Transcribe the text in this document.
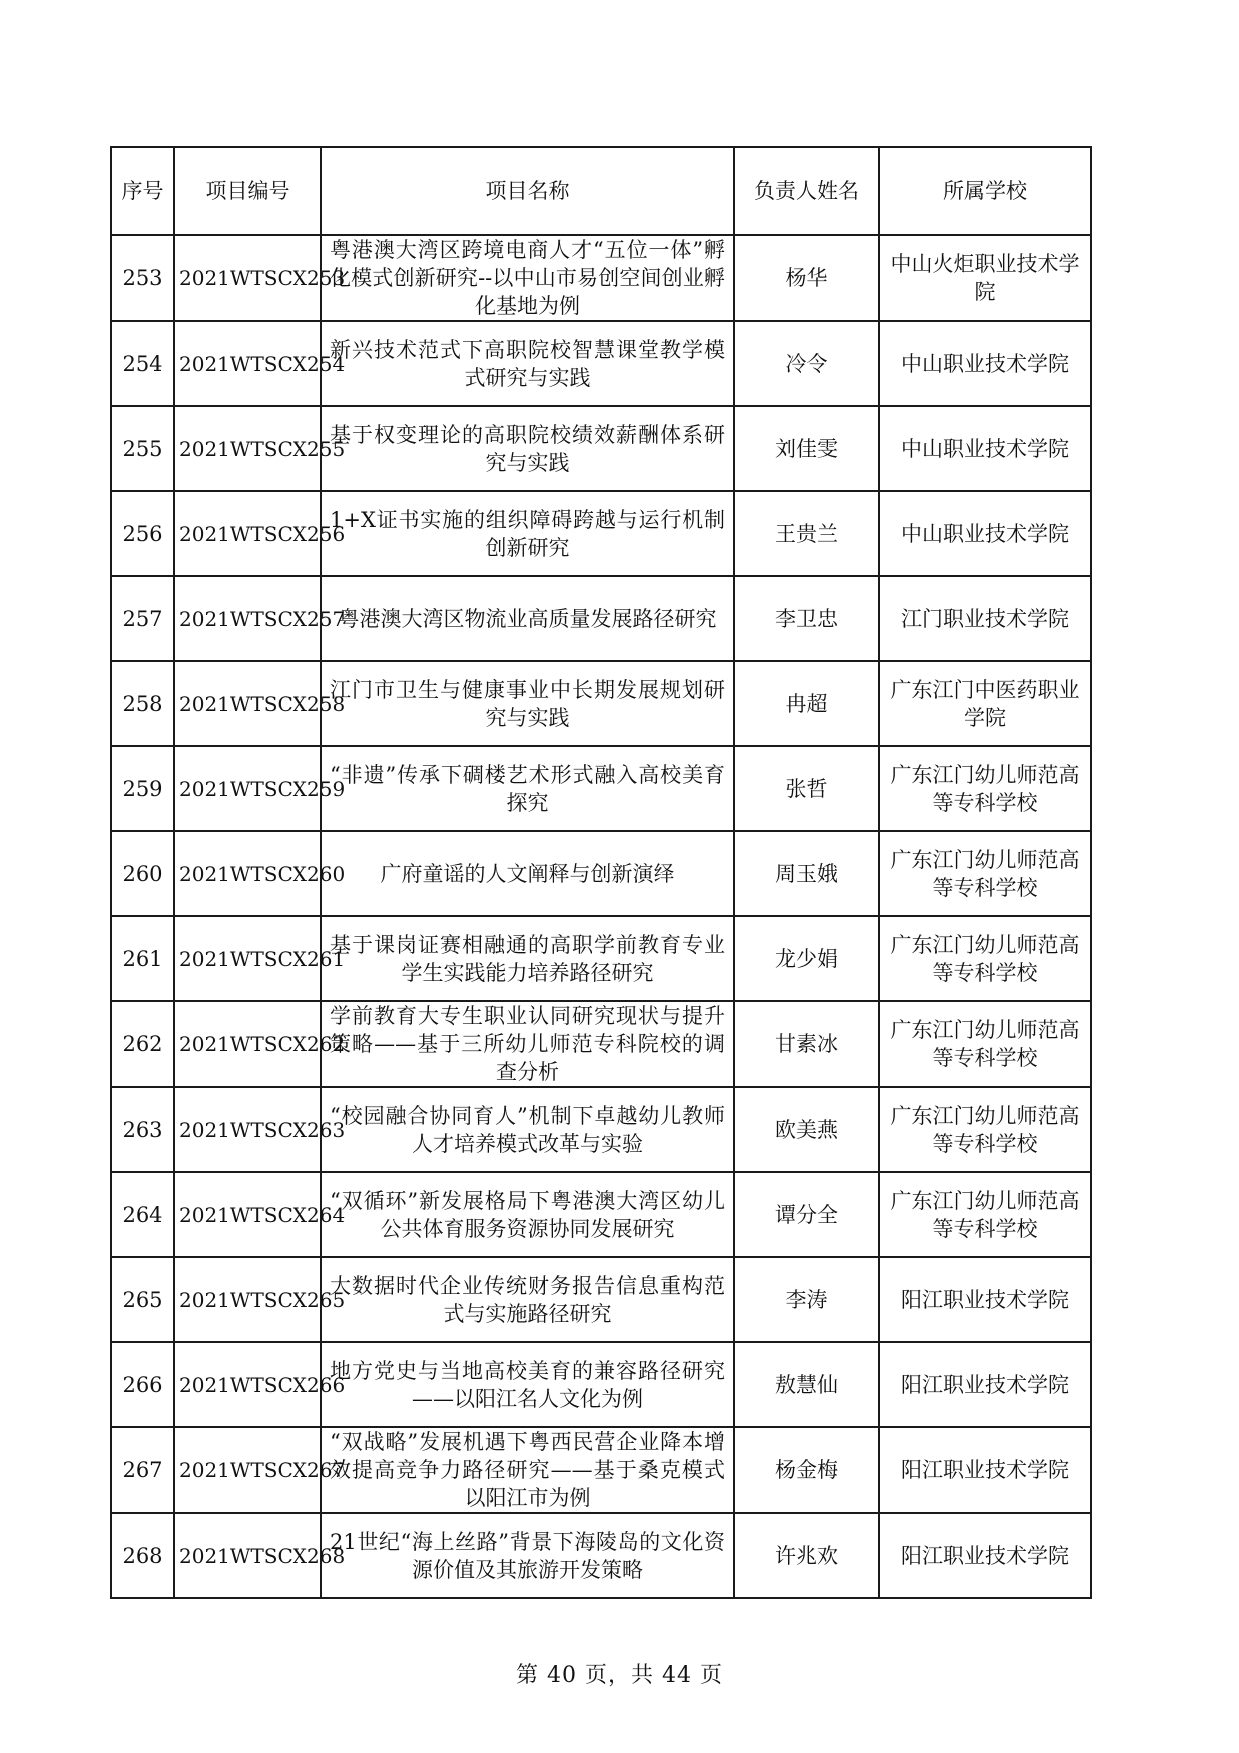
序号	项目编号	项目名称	负责人姓名	所属学校
253	2021WTSCX253	粤港澳大湾区跨境电商人才“五位一体”孵化模式创新研究--以中山市易创空间创业孵化基地为例	杨华	中山火炬职业技术学院
254	2021WTSCX254	新兴技术范式下高职院校智慧课堂教学模式研究与实践	冷令	中山职业技术学院
255	2021WTSCX255	基于权变理论的高职院校绩效薪酬体系研究与实践	刘佳雯	中山职业技术学院
256	2021WTSCX256	1+X证书实施的组织障碍跨越与运行机制创新研究	王贵兰	中山职业技术学院
257	2021WTSCX257	粤港澳大湾区物流业高质量发展路径研究	李卫忠	江门职业技术学院
258	2021WTSCX258	江门市卫生与健康事业中长期发展规划研究与实践	冉超	广东江门中医药职业学院
259	2021WTSCX259	“非遗”传承下碉楼艺术形式融入高校美育探究	张哲	广东江门幼儿师范高等专科学校
260	2021WTSCX260	广府童谣的人文阐释与创新演绎	周玉娥	广东江门幼儿师范高等专科学校
261	2021WTSCX261	基于课岗证赛相融通的高职学前教育专业学生实践能力培养路径研究	龙少娟	广东江门幼儿师范高等专科学校
262	2021WTSCX262	学前教育大专生职业认同研究现状与提升策略——基于三所幼儿师范专科院校的调查分析	甘素冰	广东江门幼儿师范高等专科学校
263	2021WTSCX263	“校园融合协同育人”机制下卓越幼儿教师人才培养模式改革与实验	欧美燕	广东江门幼儿师范高等专科学校
264	2021WTSCX264	“双循环”新发展格局下粤港澳大湾区幼儿公共体育服务资源协同发展研究	谭分全	广东江门幼儿师范高等专科学校
265	2021WTSCX265	大数据时代企业传统财务报告信息重构范式与实施路径研究	李涛	阳江职业技术学院
266	2021WTSCX266	地方党史与当地高校美育的兼容路径研究——以阳江名人文化为例	敖慧仙	阳江职业技术学院
267	2021WTSCX267	“双战略”发展机遇下粤西民营企业降本增效提高竞争力路径研究——基于桑克模式以阳江市为例	杨金梅	阳江职业技术学院
268	2021WTSCX268	21世纪“海上丝路”背景下海陵岛的文化资源价值及其旅游开发策略	许兆欢	阳江职业技术学院
第 40 页，共 44 页
